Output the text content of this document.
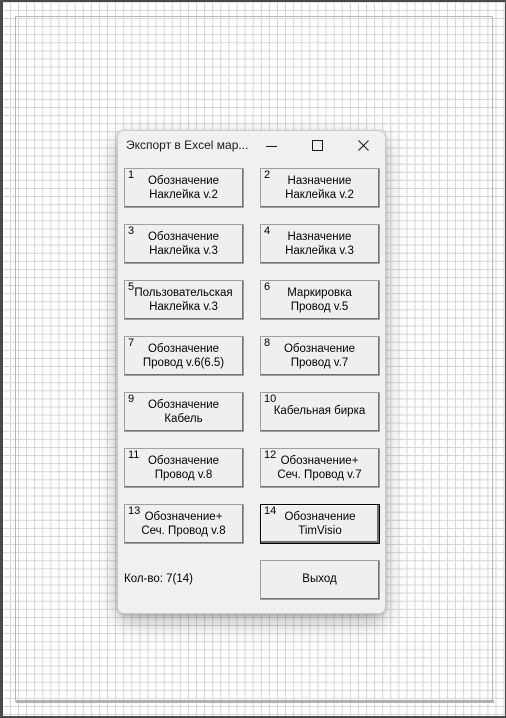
Экспорт в Excel мар...
1	Обозначение
Наклейка v.2
2	Назначение
Наклейка v.2
3	Обозначение
Наклейка v.3
4	Назначение
Наклейка v.3
5 Пользовательская
Наклейка v.3
6	Маркировка
Провод v.5
7	Обозначение
Провод v.6(6.5)
8	Обозначение
Провод v.7
9	Обозначение
Кабель
10
Кабельная бирка
11 Обозначение
Провод v.8
12 Обозначение+
Сеч. Провод v.7
13 Обозначение+
Сеч. Провод v.8
14 Обозначение
TimVisio
Кол-во: 7(14)	Выход
